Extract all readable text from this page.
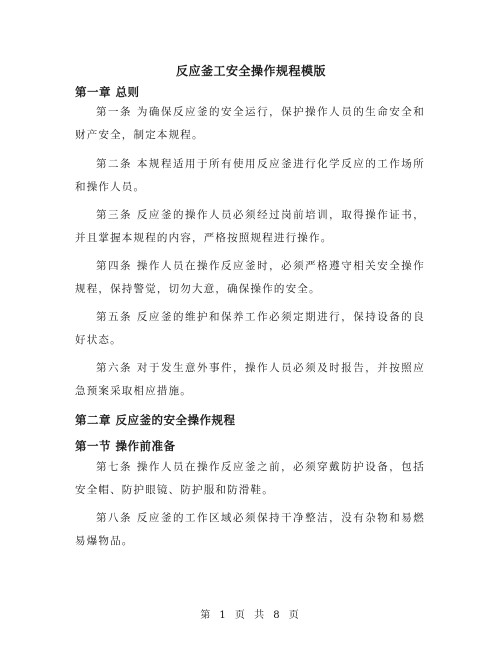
反应釜工安全操作规程模版
第一章 总则
第一条 为确保反应釜的安全运行，保护操作人员的生命安全和财产安全，制定本规程。
第二条 本规程适用于所有使用反应釜进行化学反应的工作场所和操作人员。
第三条 反应釜的操作人员必须经过岗前培训，取得操作证书，并且掌握本规程的内容，严格按照规程进行操作。
第四条 操作人员在操作反应釜时，必须严格遵守相关安全操作规程，保持警觉，切勿大意，确保操作的安全。
第五条 反应釜的维护和保养工作必须定期进行，保持设备的良好状态。
第六条 对于发生意外事件，操作人员必须及时报告，并按照应急预案采取相应措施。
第二章 反应釜的安全操作规程
第一节 操作前准备
第七条 操作人员在操作反应釜之前，必须穿戴防护设备，包括安全帽、防护眼镜、防护服和防滑鞋。
第八条 反应釜的工作区域必须保持干净整洁，没有杂物和易燃易爆物品。
第 1 页 共 8 页
